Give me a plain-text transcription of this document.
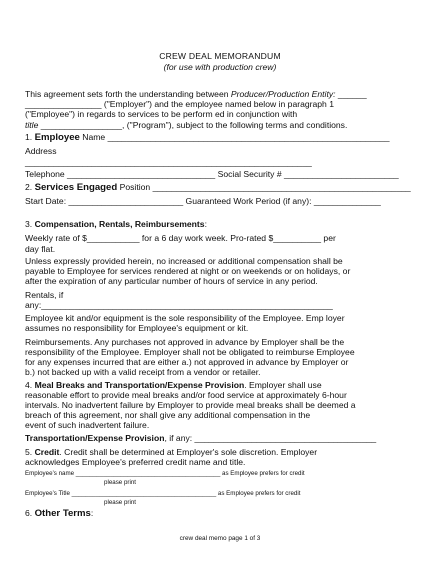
CREW DEAL MEMORANDUM
(for use with production crew)
This agreement sets forth the understanding between Producer/Production Entity: ______
________________ ("Employer") and the employee named below in paragraph 1
("Employee") in regards to services to be perform ed in conjunction with
title _________________, ("Program"), subject to the following terms and conditions.
1. Employee Name ___________________________________________________________
Address
____________________________________________________________
Telephone _______________________________ Social Security # ________________________
2. Services Engaged Position ______________________________________________________
Start Date: ________________________ Guaranteed Work Period (if any): ______________
3. Compensation, Rentals, Reimbursements:
Weekly rate of $___________ for a 6 day work week. Pro-rated $__________ per
day flat.
Unless expressly provided herein, no increased or additional compensation shall be
payable to Employee for services rendered at night or on weekends or on holidays, or
after the expiration of any particular number of hours of service in any period.
Rentals, if
any:_____________________________________________________________
Employee kit and/or equipment is the sole responsibility of the Employee. Emp loyer
assumes no responsibility for Employee's equipment or kit.
Reimbursements. Any purchases not approved in advance by Employer shall be the
responsibility of the Employee. Employer shall not be obligated to reimburse Employee
for any expenses incurred that are either a.) not approved in advance by Employer or
b.) not backed up with a valid receipt from a vendor or retailer.
4. Meal Breaks and Transportation/Expense Provision. Employer shall use
reasonable effort to provide meal breaks and/or food service at approximately 6-hour
intervals. No inadvertent failure by Employer to provide meal breaks shall be deemed a
breach of this agreement, nor shall give any additional compensation in the
event of such inadvertent failure.
Transportation/Expense Provision, if any: ______________________________________
5. Credit. Credit shall be determined at Employer's sole discretion. Employer
acknowledges Employee's preferred credit name and title.
Employee’s name __________________________________________ as Employee prefers for credit
please print
Employee’s Title __________________________________________ as Employee prefers for credit
please print
6. Other Terms:
crew deal memo page 1 of 3
